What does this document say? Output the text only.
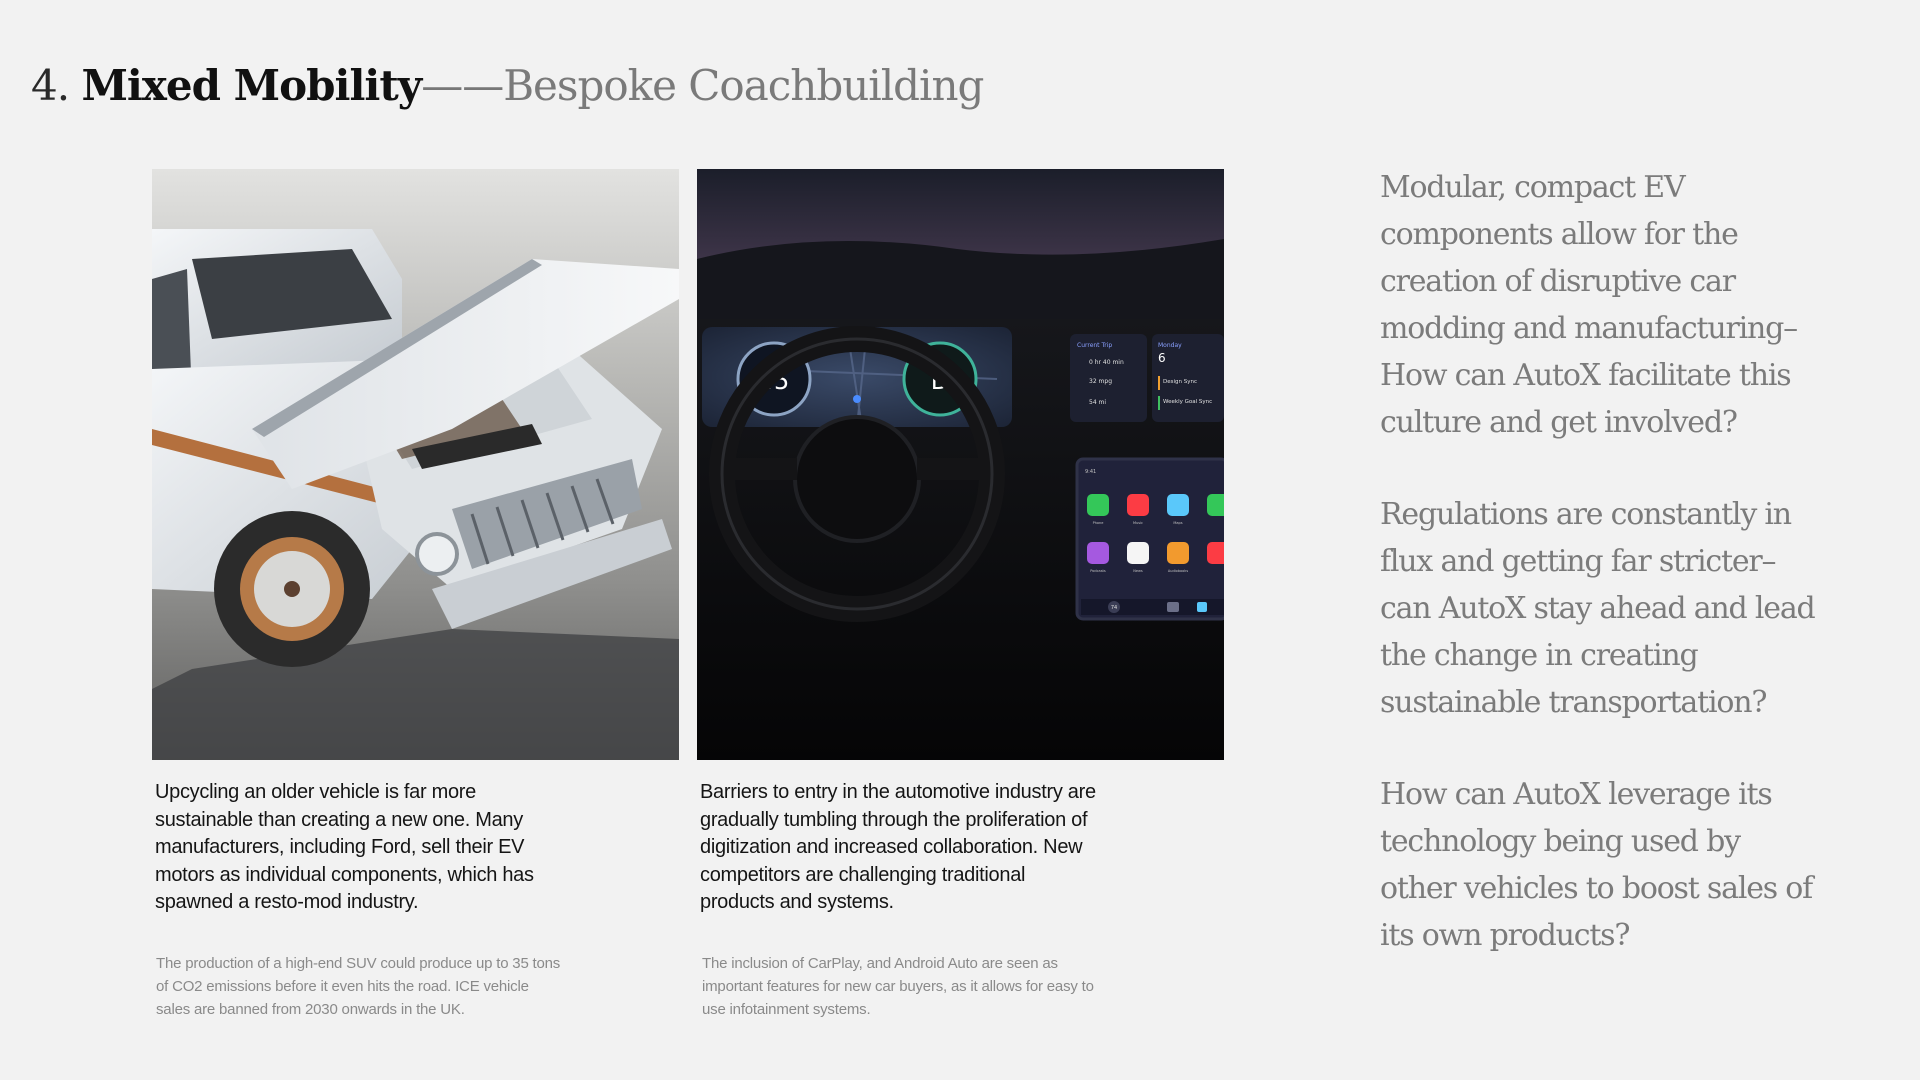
4. Mixed Mobility——Bespoke Coachbuilding
45	D
Current Trip
0 hr 40 min
32 mpg
54 mi
Monday
6
Design Sync
Weekly Goal Sync
9:41
Phone	Music	Maps
Podcasts	News	Audiobooks
74

Upcycling an older vehicle is far more sustainable than creating a new one. Many manufacturers, including Ford, sell their EV motors as individual components, which has spawned a resto-mod industry.

The production of a high-end SUV could produce up to 35 tons of CO2 emissions before it even hits the road. ICE vehicle sales are banned from 2030 onwards in the UK.

Barriers to entry in the automotive industry are gradually tumbling through the proliferation of digitization and increased collaboration. New competitors are challenging traditional products and systems.

The inclusion of CarPlay, and Android Auto are seen as important features for new car buyers, as it allows for easy to use infotainment systems.

Modular, compact EV components allow for the creation of disruptive car modding and manufacturing– How can AutoX facilitate this culture and get involved?

Regulations are constantly in flux and getting far stricter– can AutoX stay ahead and lead the change in creating sustainable transportation?

How can AutoX leverage its technology being used by other vehicles to boost sales of its own products?
